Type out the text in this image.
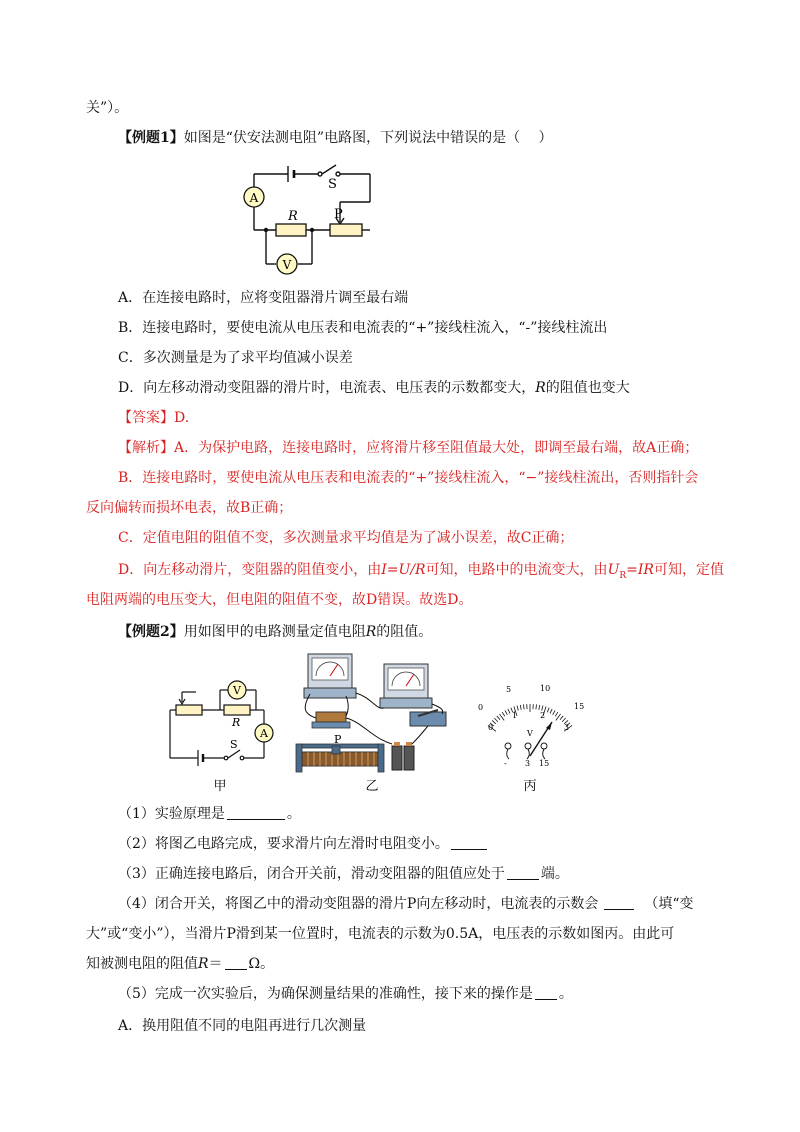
关”）。
【例题1】如图是“伏安法测电阻”电路图，下列说法中错误的是（　 ）
A
S
R	P
V
A．在连接电路时，应将变阻器滑片调至最右端
B．连接电路时，要使电流从电压表和电流表的“+”接线柱流入，“-”接线柱流出
C．多次测量是为了求平均值减小误差
D．向左移动滑动变阻器的滑片时，电流表、电压表的示数都变大，R的阻值也变大
【答案】D.
【解析】A．为保护电路，连接电路时，应将滑片移至阻值最大处，即调至最右端，故A正确；
B．连接电路时，要使电流从电压表和电流表的“+”接线柱流入，“−”接线柱流出，否则指针会
反向偏转而损坏电表，故B正确；
C．定值电阻的阻值不变，多次测量求平均值是为了减小误差，故C正确；
D．向左移动滑片，变阻器的阻值变小，由I=U/R可知，电路中的电流变大，由$U_R=IR$可知，定值
电阻两端的电压变大，但电阻的阻值不变，故D错误。故选D。
【例题2】用如图甲的电路测量定值电阻R的阻值。
V
R
A
S
甲
P
乙
0
5	10
15
0
1	2
3
V
- 3 15
丙
（1）实验原理是	。
（2）将图乙电路完成，要求滑片向左滑时电阻变小。
（3）正确连接电路后，闭合开关前，滑动变阻器的阻值应处于	端。
（4）闭合开关，将图乙中的滑动变阻器的滑片P向左移动时，电流表的示数会	（填“变
大”或“变小”），当滑片P滑到某一位置时，电流表的示数为0.5A，电压表的示数如图丙。由此可
知被测电阻的阻值R＝ Ω。
（5）完成一次实验后，为确保测量结果的准确性，接下来的操作是 。
A．换用阻值不同的电阻再进行几次测量
